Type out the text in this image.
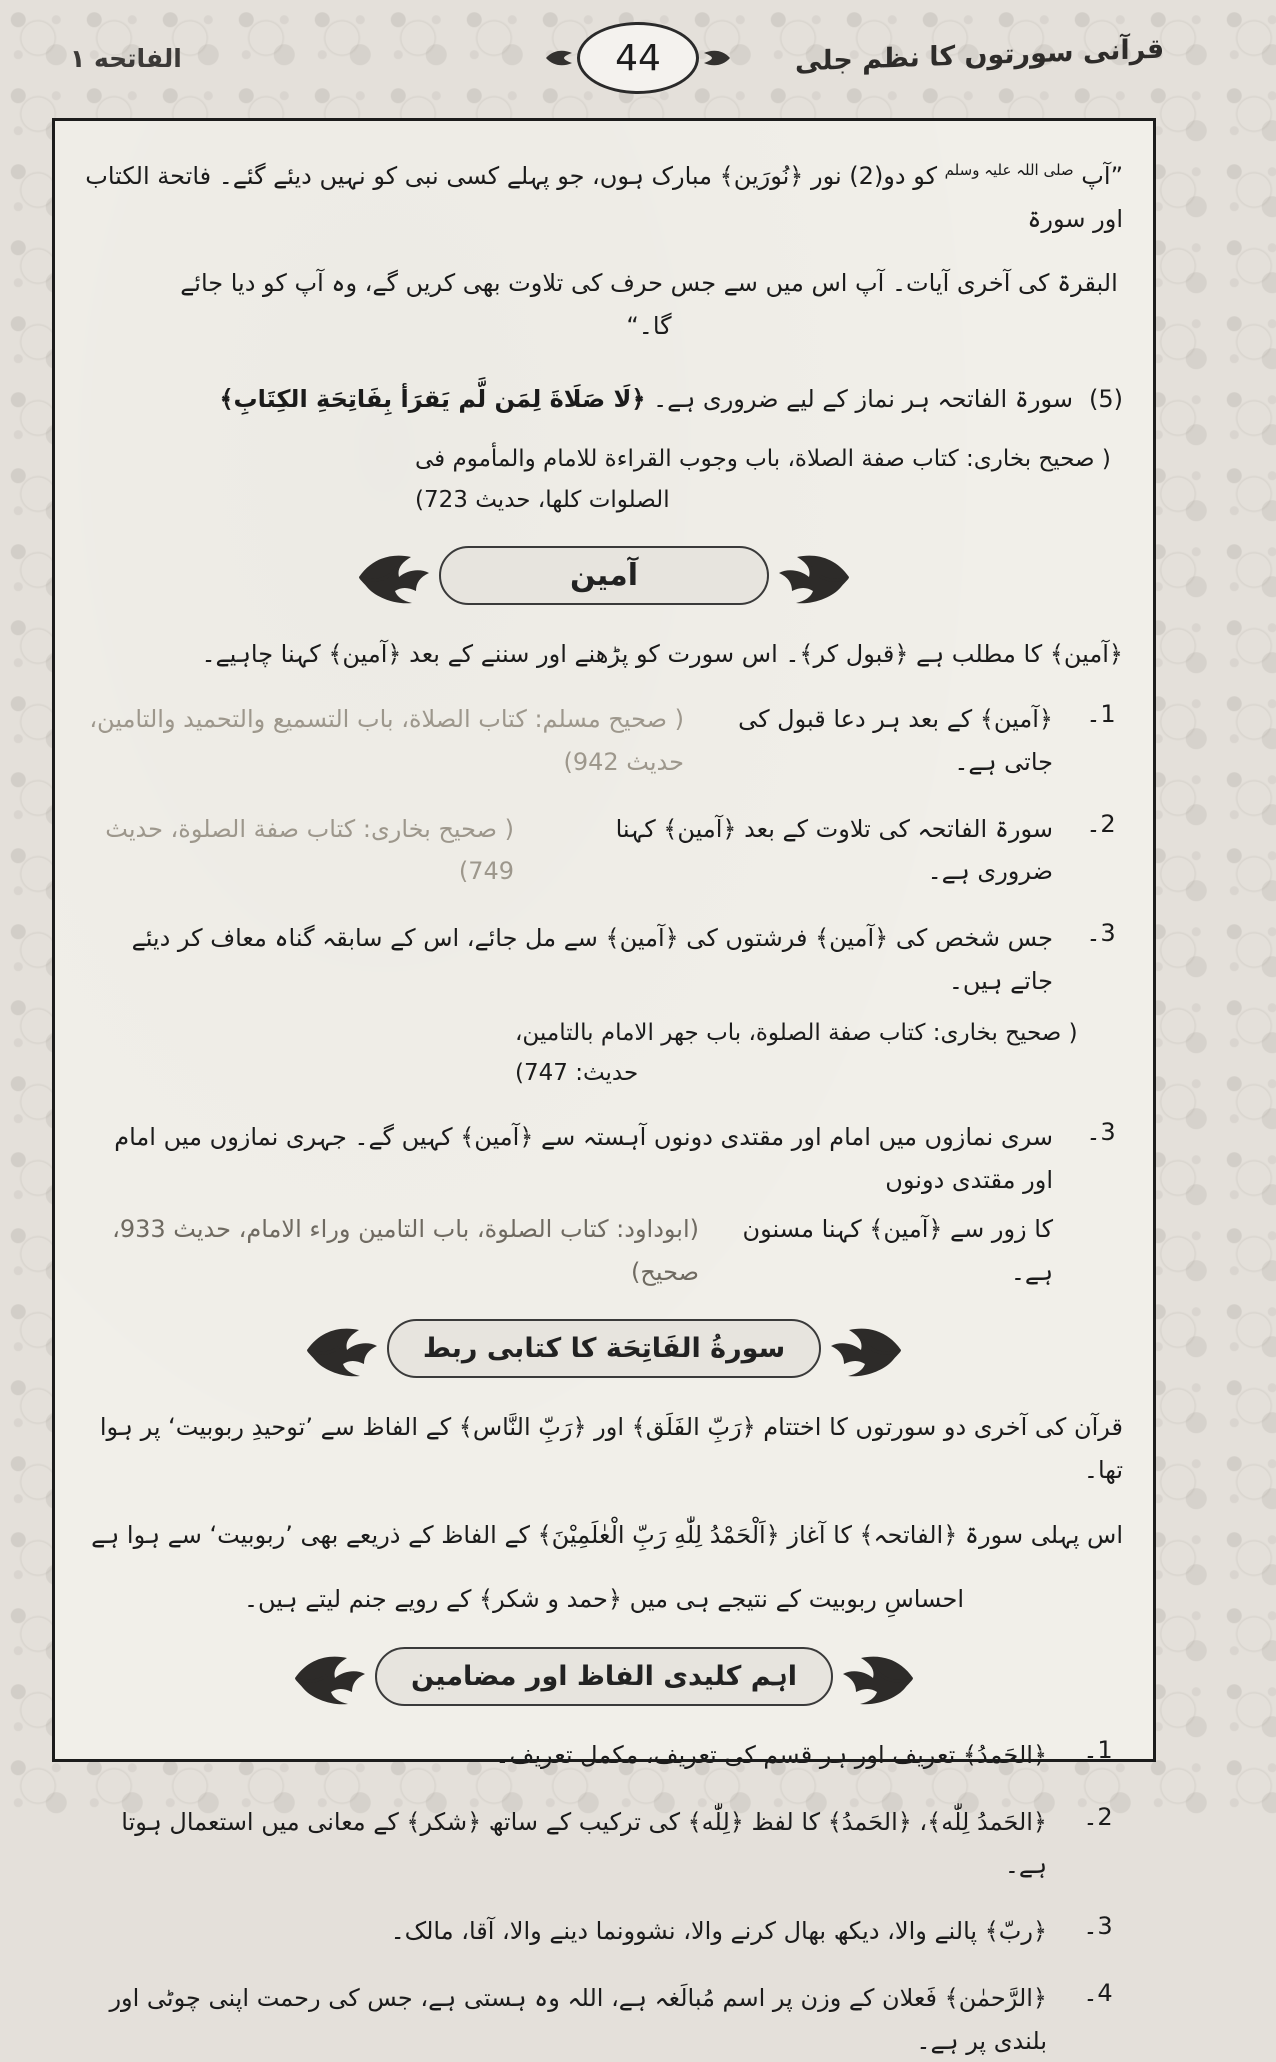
الفاتحه ۱	44	قرآنی سورتوں کا نظم جلی
”آپ $^{صلی اللہ علیہ وسلم}$ کو دو(2) نور ﴿نُورَین﴾ مبارک ہوں، جو پہلے کسی نبی کو نہیں دیئے گئے۔ فاتحة الکتاب اور سورۃ
البقرۃ کی آخری آیات۔ آپ اس میں سے جس حرف کی تلاوت بھی کریں گے، وہ آپ کو دیا جائے گا۔“
(5)
سورۃ الفاتحہ ہر نماز کے لیے ضروری ہے۔ ﴿لَا صَلَاةَ لِمَن لَّم يَقرَأ بِفَاتِحَةِ الكِتَابِ﴾
( صحیح بخاری: کتاب صفة الصلاة، باب وجوب القراءة للامام والمأموم فی الصلوات کلها، حدیث 723)
آمین
﴿آمین﴾ کا مطلب ہے ﴿قبول کر﴾۔ اس سورت کو پڑھنے اور سننے کے بعد ﴿آمین﴾ کہنا چاہیے۔
1۔
﴿آمین﴾ کے بعد ہر دعا قبول کی جاتی ہے۔
( صحیح مسلم: کتاب الصلاة، باب التسمیع والتحمید والتامین، حدیث 942)
2۔
سورۃ الفاتحہ کی تلاوت کے بعد ﴿آمین﴾ کہنا ضروری ہے۔
( صحیح بخاری: کتاب صفة الصلوة، حدیث 749)
3۔
جس شخص کی ﴿آمین﴾ فرشتوں کی ﴿آمین﴾ سے مل جائے، اس کے سابقہ گناہ معاف کر دیئے جاتے ہیں۔
( صحیح بخاری: کتاب صفة الصلوة، باب جهر الامام بالتامین، حدیث: 747)
3۔
سری نمازوں میں امام اور مقتدی دونوں آہستہ سے ﴿آمین﴾ کہیں گے۔ جہری نمازوں میں امام اور مقتدی دونوں
کا زور سے ﴿آمین﴾ کہنا مسنون ہے۔
(ابوداود: کتاب الصلوة، باب التامین وراء الامام، حدیث 933، صحیح)
سورةُ الفَاتِحَة کا کتابی ربط
قرآن کی آخری دو سورتوں کا اختتام ﴿رَبِّ الفَلَق﴾ اور ﴿رَبِّ النَّاس﴾ کے الفاظ سے ’توحیدِ ربوبیت‘ پر ہوا تھا۔
اس پہلی سورۃ ﴿الفاتحہ﴾ کا آغاز ﴿اَلْحَمْدُ لِلّٰهِ رَبِّ الْعٰلَمِيْنَ﴾ کے الفاظ کے ذریعے بھی ’ربوبیت‘ سے ہوا ہے
احساسِ ربوبیت کے نتیجے ہی میں ﴿حمد و شکر﴾ کے رویے جنم لیتے ہیں۔
اہم کلیدی الفاظ اور مضامین
1۔
﴿الحَمدُ﴾ تعریف اور ہر قسم کی تعریف، مکمل تعریف۔
2۔
﴿الحَمدُ لِلّٰه﴾، ﴿الحَمدُ﴾ کا لفظ ﴿لِلّٰه﴾ کی ترکیب کے ساتھ ﴿شکر﴾ کے معانی میں استعمال ہوتا ہے۔
3۔
﴿ربّ﴾ پالنے والا، دیکھ بھال کرنے والا، نشوونما دینے والا، آقا، مالک۔
4۔
﴿الرَّحمٰن﴾ فَعلان کے وزن پر اسم مُبالَغہ ہے، اللہ وہ ہستی ہے، جس کی رحمت اپنی چوٹی اور بلندی پر ہے۔
